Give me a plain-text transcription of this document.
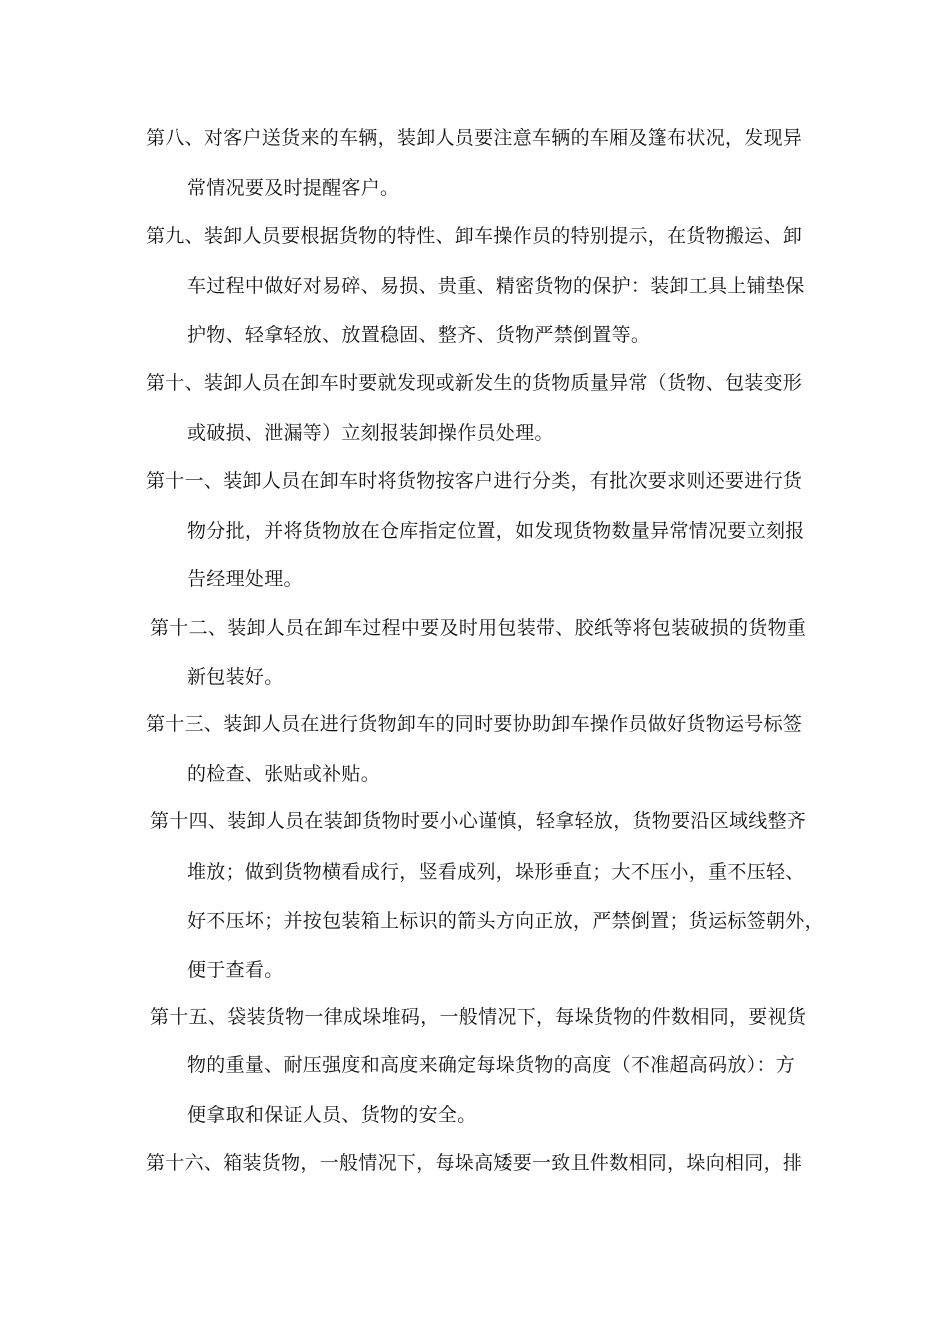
第八、对客户送货来的车辆，装卸人员要注意车辆的车厢及篷布状况，发现异
常情况要及时提醒客户。
第九、装卸人员要根据货物的特性、卸车操作员的特别提示，在货物搬运、卸
车过程中做好对易碎、易损、贵重、精密货物的保护：装卸工具上铺垫保
护物、轻拿轻放、放置稳固、整齐、货物严禁倒置等。
第十、装卸人员在卸车时要就发现或新发生的货物质量异常（货物、包装变形
或破损、泄漏等）立刻报装卸操作员处理。
第十一、装卸人员在卸车时将货物按客户进行分类，有批次要求则还要进行货
物分批，并将货物放在仓库指定位置，如发现货物数量异常情况要立刻报
告经理处理。
第十二、装卸人员在卸车过程中要及时用包装带、胶纸等将包装破损的货物重
新包装好。
第十三、装卸人员在进行货物卸车的同时要协助卸车操作员做好货物运号标签
的检查、张贴或补贴。
第十四、装卸人员在装卸货物时要小心谨慎，轻拿轻放，货物要沿区域线整齐
堆放；做到货物横看成行，竖看成列，垛形垂直；大不压小，重不压轻、
好不压坏；并按包装箱上标识的箭头方向正放，严禁倒置；货运标签朝外，
便于查看。
第十五、袋装货物一律成垛堆码，一般情况下，每垛货物的件数相同，要视货
物的重量、耐压强度和高度来确定每垛货物的高度（不准超高码放）：方
便拿取和保证人员、货物的安全。
第十六、箱装货物，一般情况下，每垛高矮要一致且件数相同，垛向相同，排
